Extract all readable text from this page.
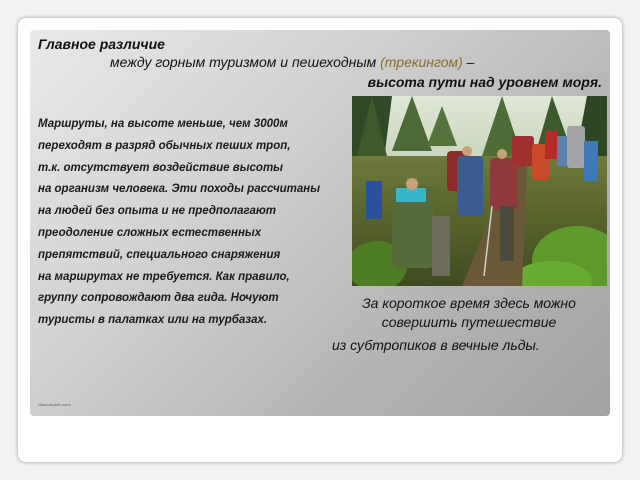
Главное различие
между горным туризмом и пешеходным (трекингом) –
высота пути над уровнем моря.
Маршруты, на высоте меньше, чем 3000м
переходят в разряд обычных пеших троп,
т.к. отсутствует воздействие высоты
на организм человека. Эти походы рассчитаны
на людей без опыта и не предполагают
преодоление сложных естественных
препятствий, специального снаряжения
на маршрутах не требуется. Как правило,
группу сопровождают два гида. Ночуют
туристы в палатках или на турбазах.
За короткое время здесь можно
совершить путешествие

из субтропиков в вечные льды.
Ивановский газон
